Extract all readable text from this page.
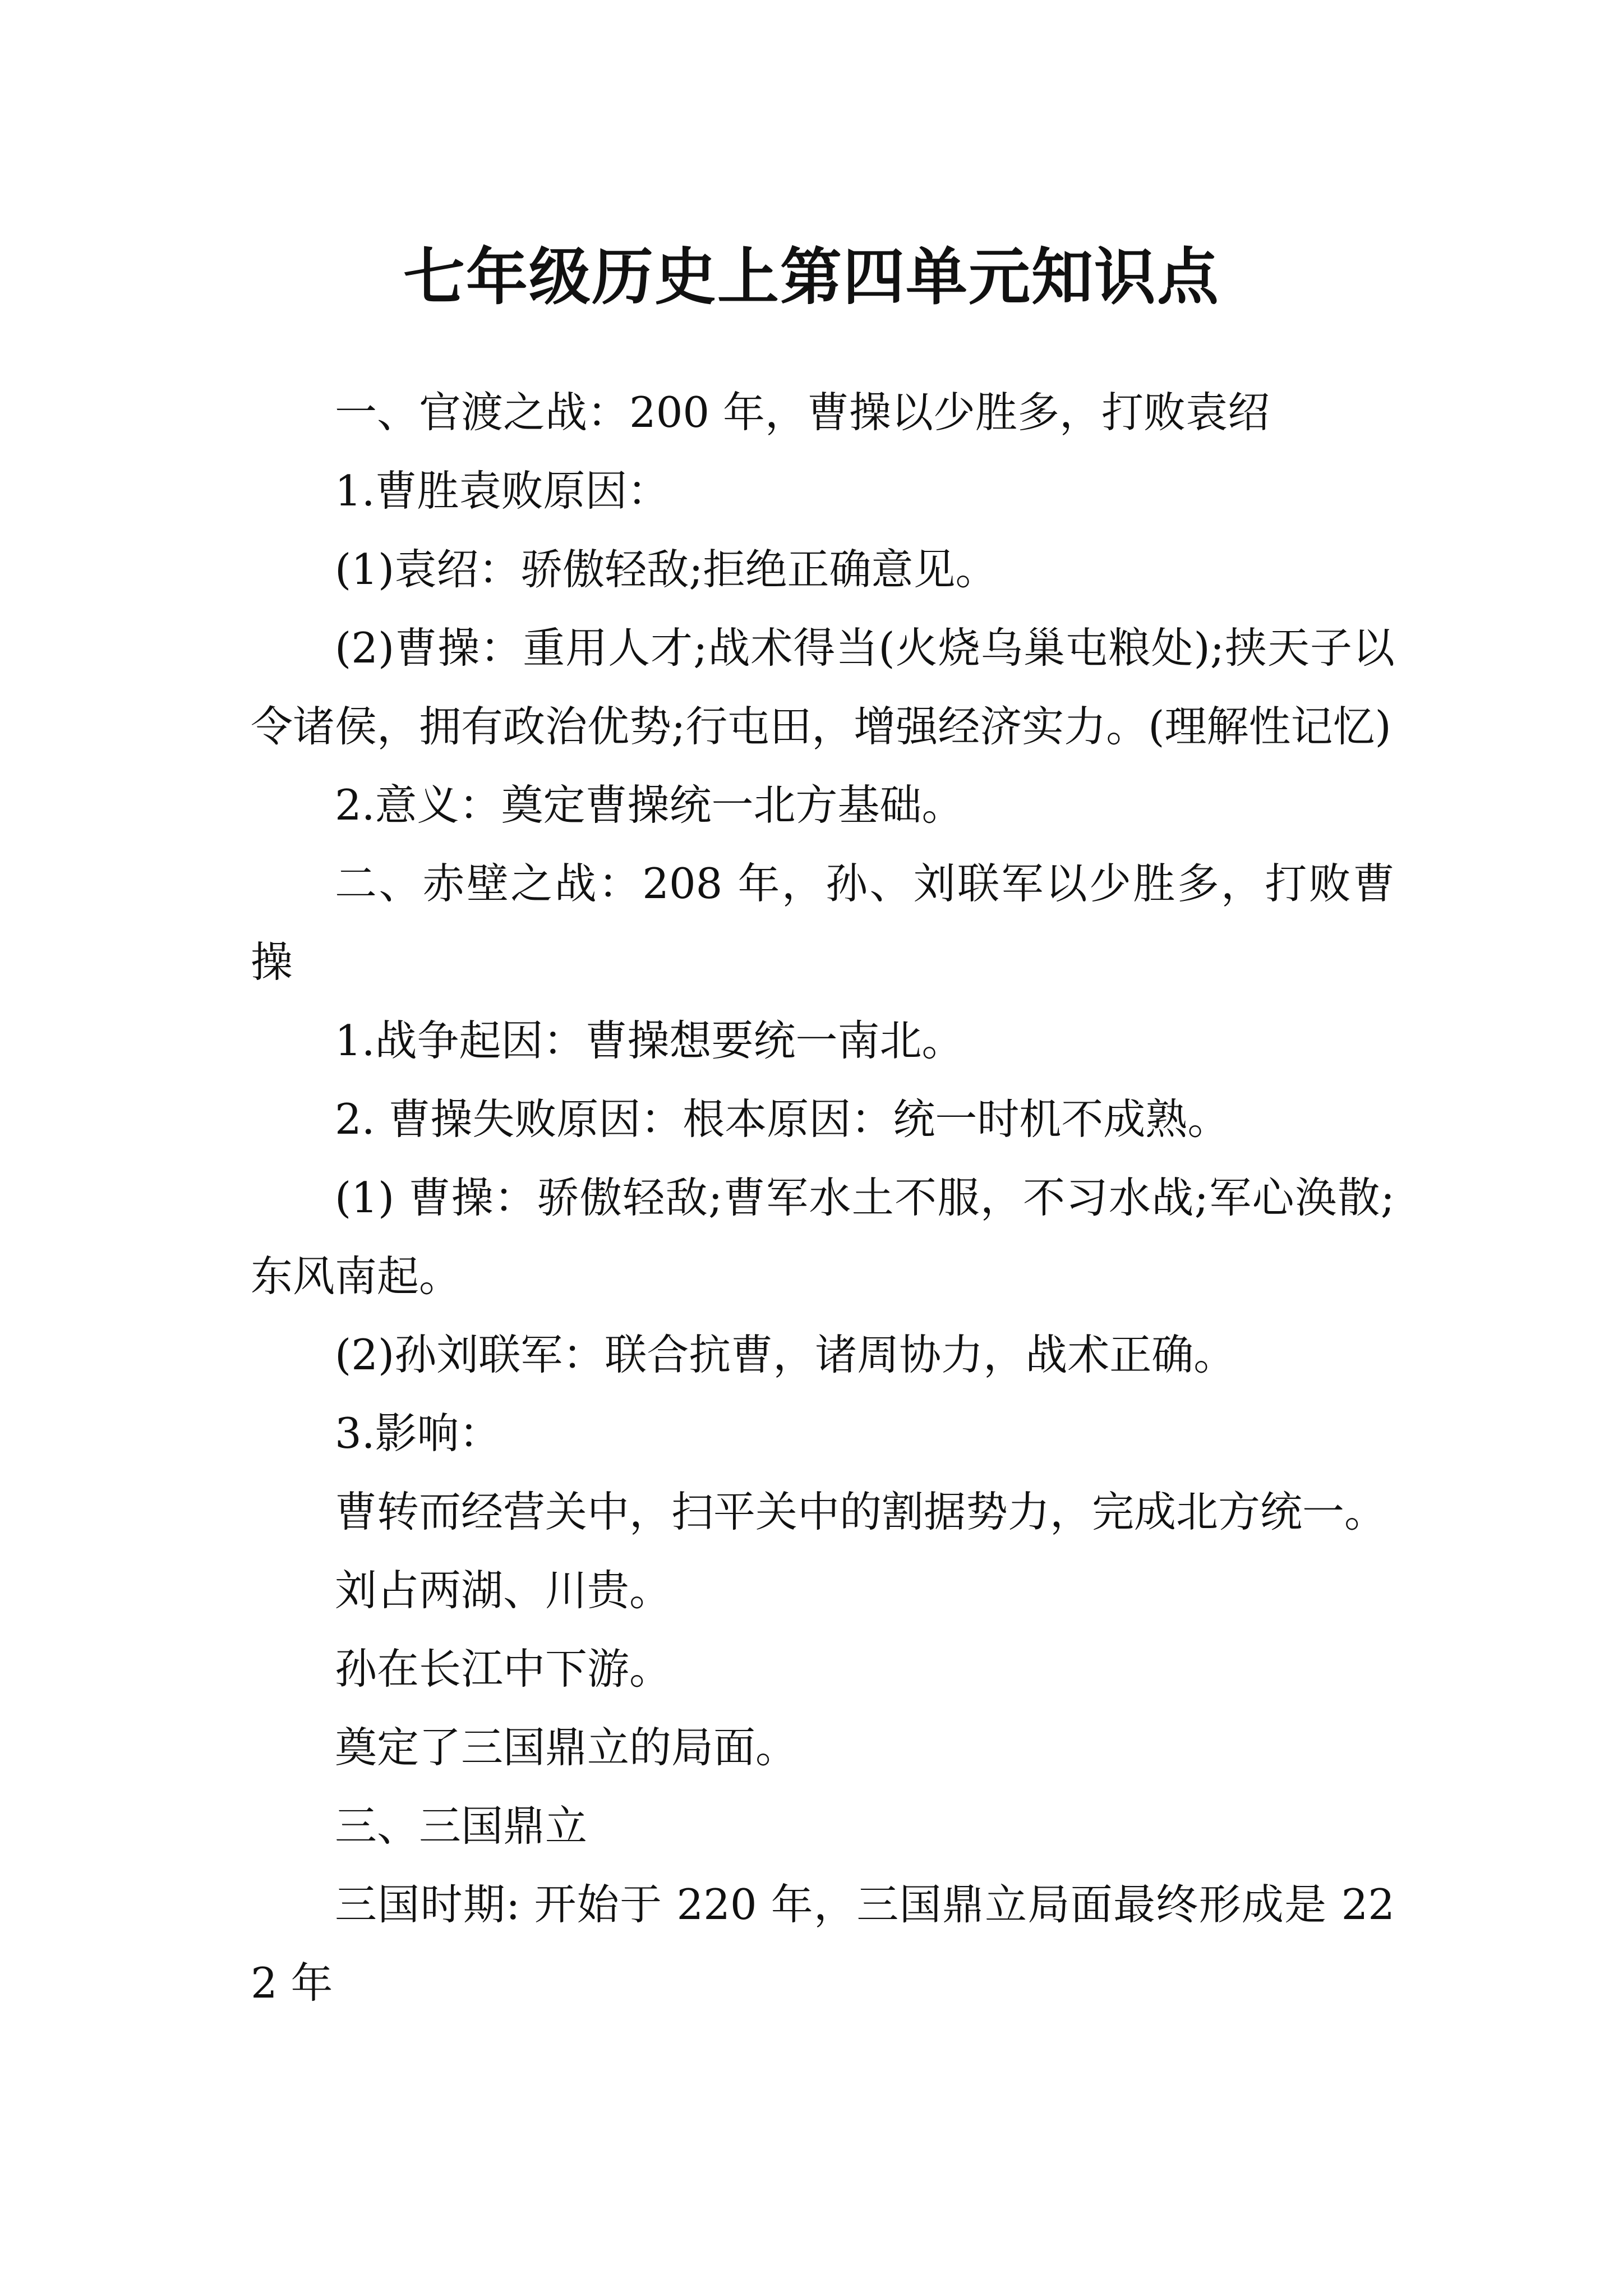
七年级历史上第四单元知识点

一、官渡之战：200 年，曹操以少胜多，打败袁绍

1.曹胜袁败原因：

(1)袁绍：骄傲轻敌;拒绝正确意见。

(2)曹操：重用人才;战术得当(火烧乌巢屯粮处);挟天子以令诸侯，拥有政治优势;行屯田，增强经济实力。(理解性记忆)

2.意义：奠定曹操统一北方基础。

二、赤壁之战：208 年，孙、刘联军以少胜多，打败曹操

1.战争起因：曹操想要统一南北。

2. 曹操失败原因：根本原因：统一时机不成熟。

(1) 曹操：骄傲轻敌;曹军水土不服，不习水战;军心涣散;东风南起。

(2)孙刘联军：联合抗曹，诸周协力，战术正确。

3.影响：

曹转而经营关中，扫平关中的割据势力，完成北方统一。

刘占两湖、川贵。

孙在长江中下游。

奠定了三国鼎立的局面。

三、三国鼎立

三国时期: 开始于 220 年，三国鼎立局面最终形成是 222 年
